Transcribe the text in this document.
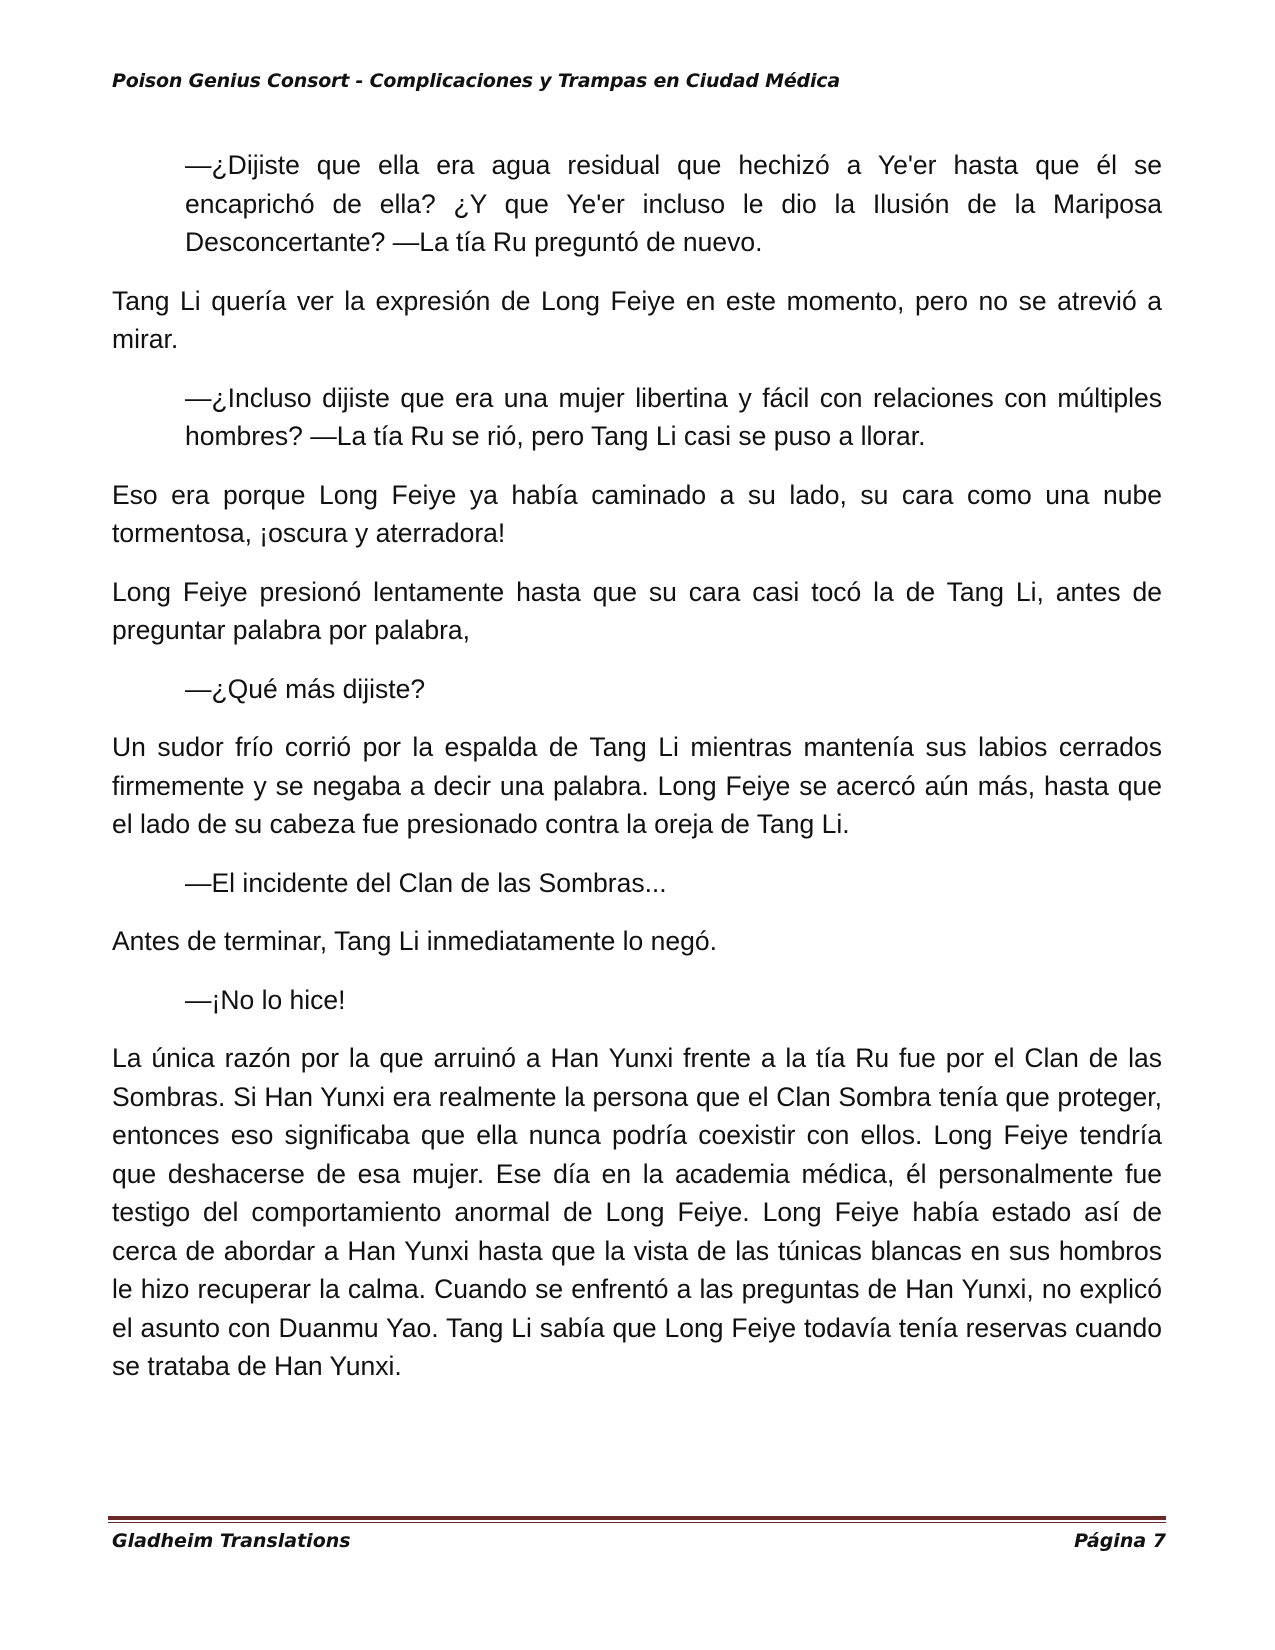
Poison Genius Consort - Complicaciones y Trampas en Ciudad Médica

—¿Dijiste que ella era agua residual que hechizó a Ye'er hasta que él se encaprichó de ella? ¿Y que Ye'er incluso le dio la Ilusión de la Mariposa Desconcertante? —La tía Ru preguntó de nuevo.

Tang Li quería ver la expresión de Long Feiye en este momento, pero no se atrevió a mirar.

—¿Incluso dijiste que era una mujer libertina y fácil con relaciones con múltiples hombres? —La tía Ru se rió, pero Tang Li casi se puso a llorar.

Eso era porque Long Feiye ya había caminado a su lado, su cara como una nube tormentosa, ¡oscura y aterradora!

Long Feiye presionó lentamente hasta que su cara casi tocó la de Tang Li, antes de preguntar palabra por palabra,

—¿Qué más dijiste?

Un sudor frío corrió por la espalda de Tang Li mientras mantenía sus labios cerrados firmemente y se negaba a decir una palabra. Long Feiye se acercó aún más, hasta que el lado de su cabeza fue presionado contra la oreja de Tang Li.

—El incidente del Clan de las Sombras...

Antes de terminar, Tang Li inmediatamente lo negó.

—¡No lo hice!

La única razón por la que arruinó a Han Yunxi frente a la tía Ru fue por el Clan de las Sombras. Si Han Yunxi era realmente la persona que el Clan Sombra tenía que proteger, entonces eso significaba que ella nunca podría coexistir con ellos. Long Feiye tendría que deshacerse de esa mujer. Ese día en la academia médica, él personalmente fue testigo del comportamiento anormal de Long Feiye. Long Feiye había estado así de cerca de abordar a Han Yunxi hasta que la vista de las túnicas blancas en sus hombros le hizo recuperar la calma. Cuando se enfrentó a las preguntas de Han Yunxi, no explicó el asunto con Duanmu Yao. Tang Li sabía que Long Feiye todavía tenía reservas cuando se trataba de Han Yunxi.

Gladheim Translations	Página 7
